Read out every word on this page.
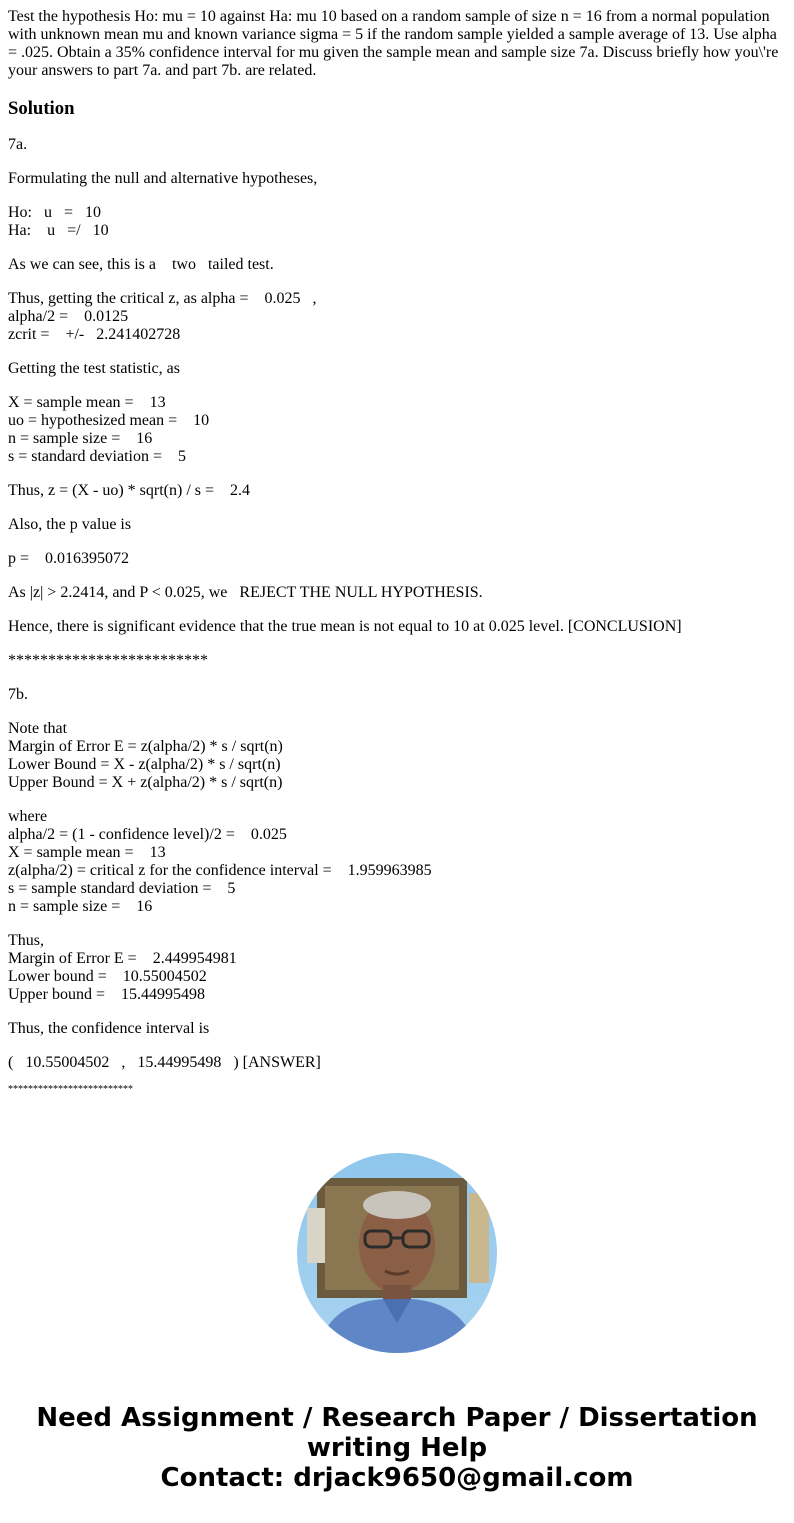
Test the hypothesis Ho: mu = 10 against Ha: mu 10 based on a random sample of size n = 16 from a normal population with unknown mean mu and known variance sigma = 5 if the random sample yielded a sample average of 13. Use alpha = .025. Obtain a 35% confidence interval for mu given the sample mean and sample size 7a. Discuss briefly how you\'re your answers to part 7a. and part 7b. are related.

Solution
7a.
Formulating the null and alternative hypotheses,
Ho:   u   =   10
Ha:    u   =/   10
As we can see, this is a    two   tailed test.
Thus, getting the critical z, as alpha =    0.025   ,
alpha/2 =    0.0125
zcrit =    +/-   2.241402728
Getting the test statistic, as
X = sample mean =    13
uo = hypothesized mean =    10
n = sample size =    16
s = standard deviation =    5
Thus, z = (X - uo) * sqrt(n) / s =    2.4
Also, the p value is
p =    0.016395072
As |z| > 2.2414, and P < 0.025, we   REJECT THE NULL HYPOTHESIS.
Hence, there is significant evidence that the true mean is not equal to 10 at 0.025 level. [CONCLUSION]
*************************
7b.
Note that
Margin of Error E = z(alpha/2) * s / sqrt(n)
Lower Bound = X - z(alpha/2) * s / sqrt(n)
Upper Bound = X + z(alpha/2) * s / sqrt(n)
where
alpha/2 = (1 - confidence level)/2 =    0.025
X = sample mean =    13
z(alpha/2) = critical z for the confidence interval =    1.959963985
s = sample standard deviation =    5
n = sample size =    16
Thus,
Margin of Error E =    2.449954981
Lower bound =    10.55004502
Upper bound =    15.44995498
Thus, the confidence interval is
(   10.55004502   ,   15.44995498   ) [ANSWER]
*************************
Need Assignment / Research Paper / Dissertation
writing Help
Contact: drjack9650@gmail.com
